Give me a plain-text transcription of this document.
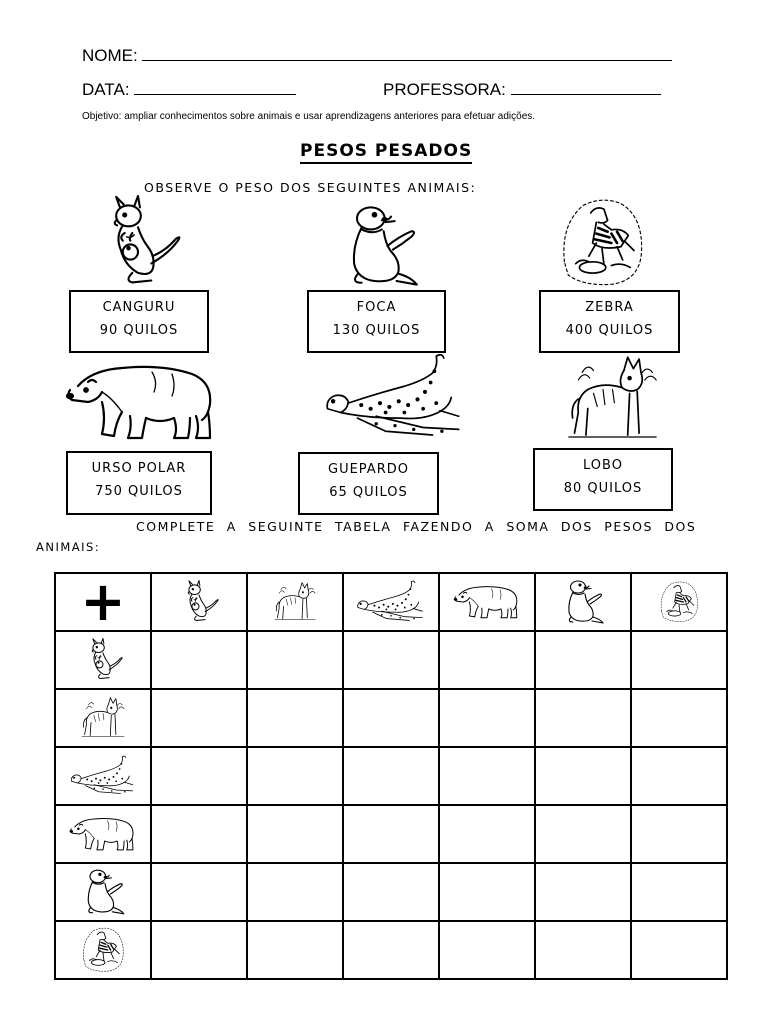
NOME:
DATA:	PROFESSORA:
Objetivo: ampliar conhecimentos sobre animais e usar aprendizagens anteriores para efetuar adições.
PESOS PESADOS
OBSERVE O PESO DOS SEGUINTES ANIMAIS:
CANGURU
90 QUILOS
FOCA
130 QUILOS
ZEBRA
400 QUILOS
URSO POLAR
750 QUILOS
GUEPARDO
65 QUILOS
LOBO
80 QUILOS
COMPLETE A SEGUINTE TABELA FAZENDO A SOMA DOS PESOS DOS
ANIMAIS:
+	
